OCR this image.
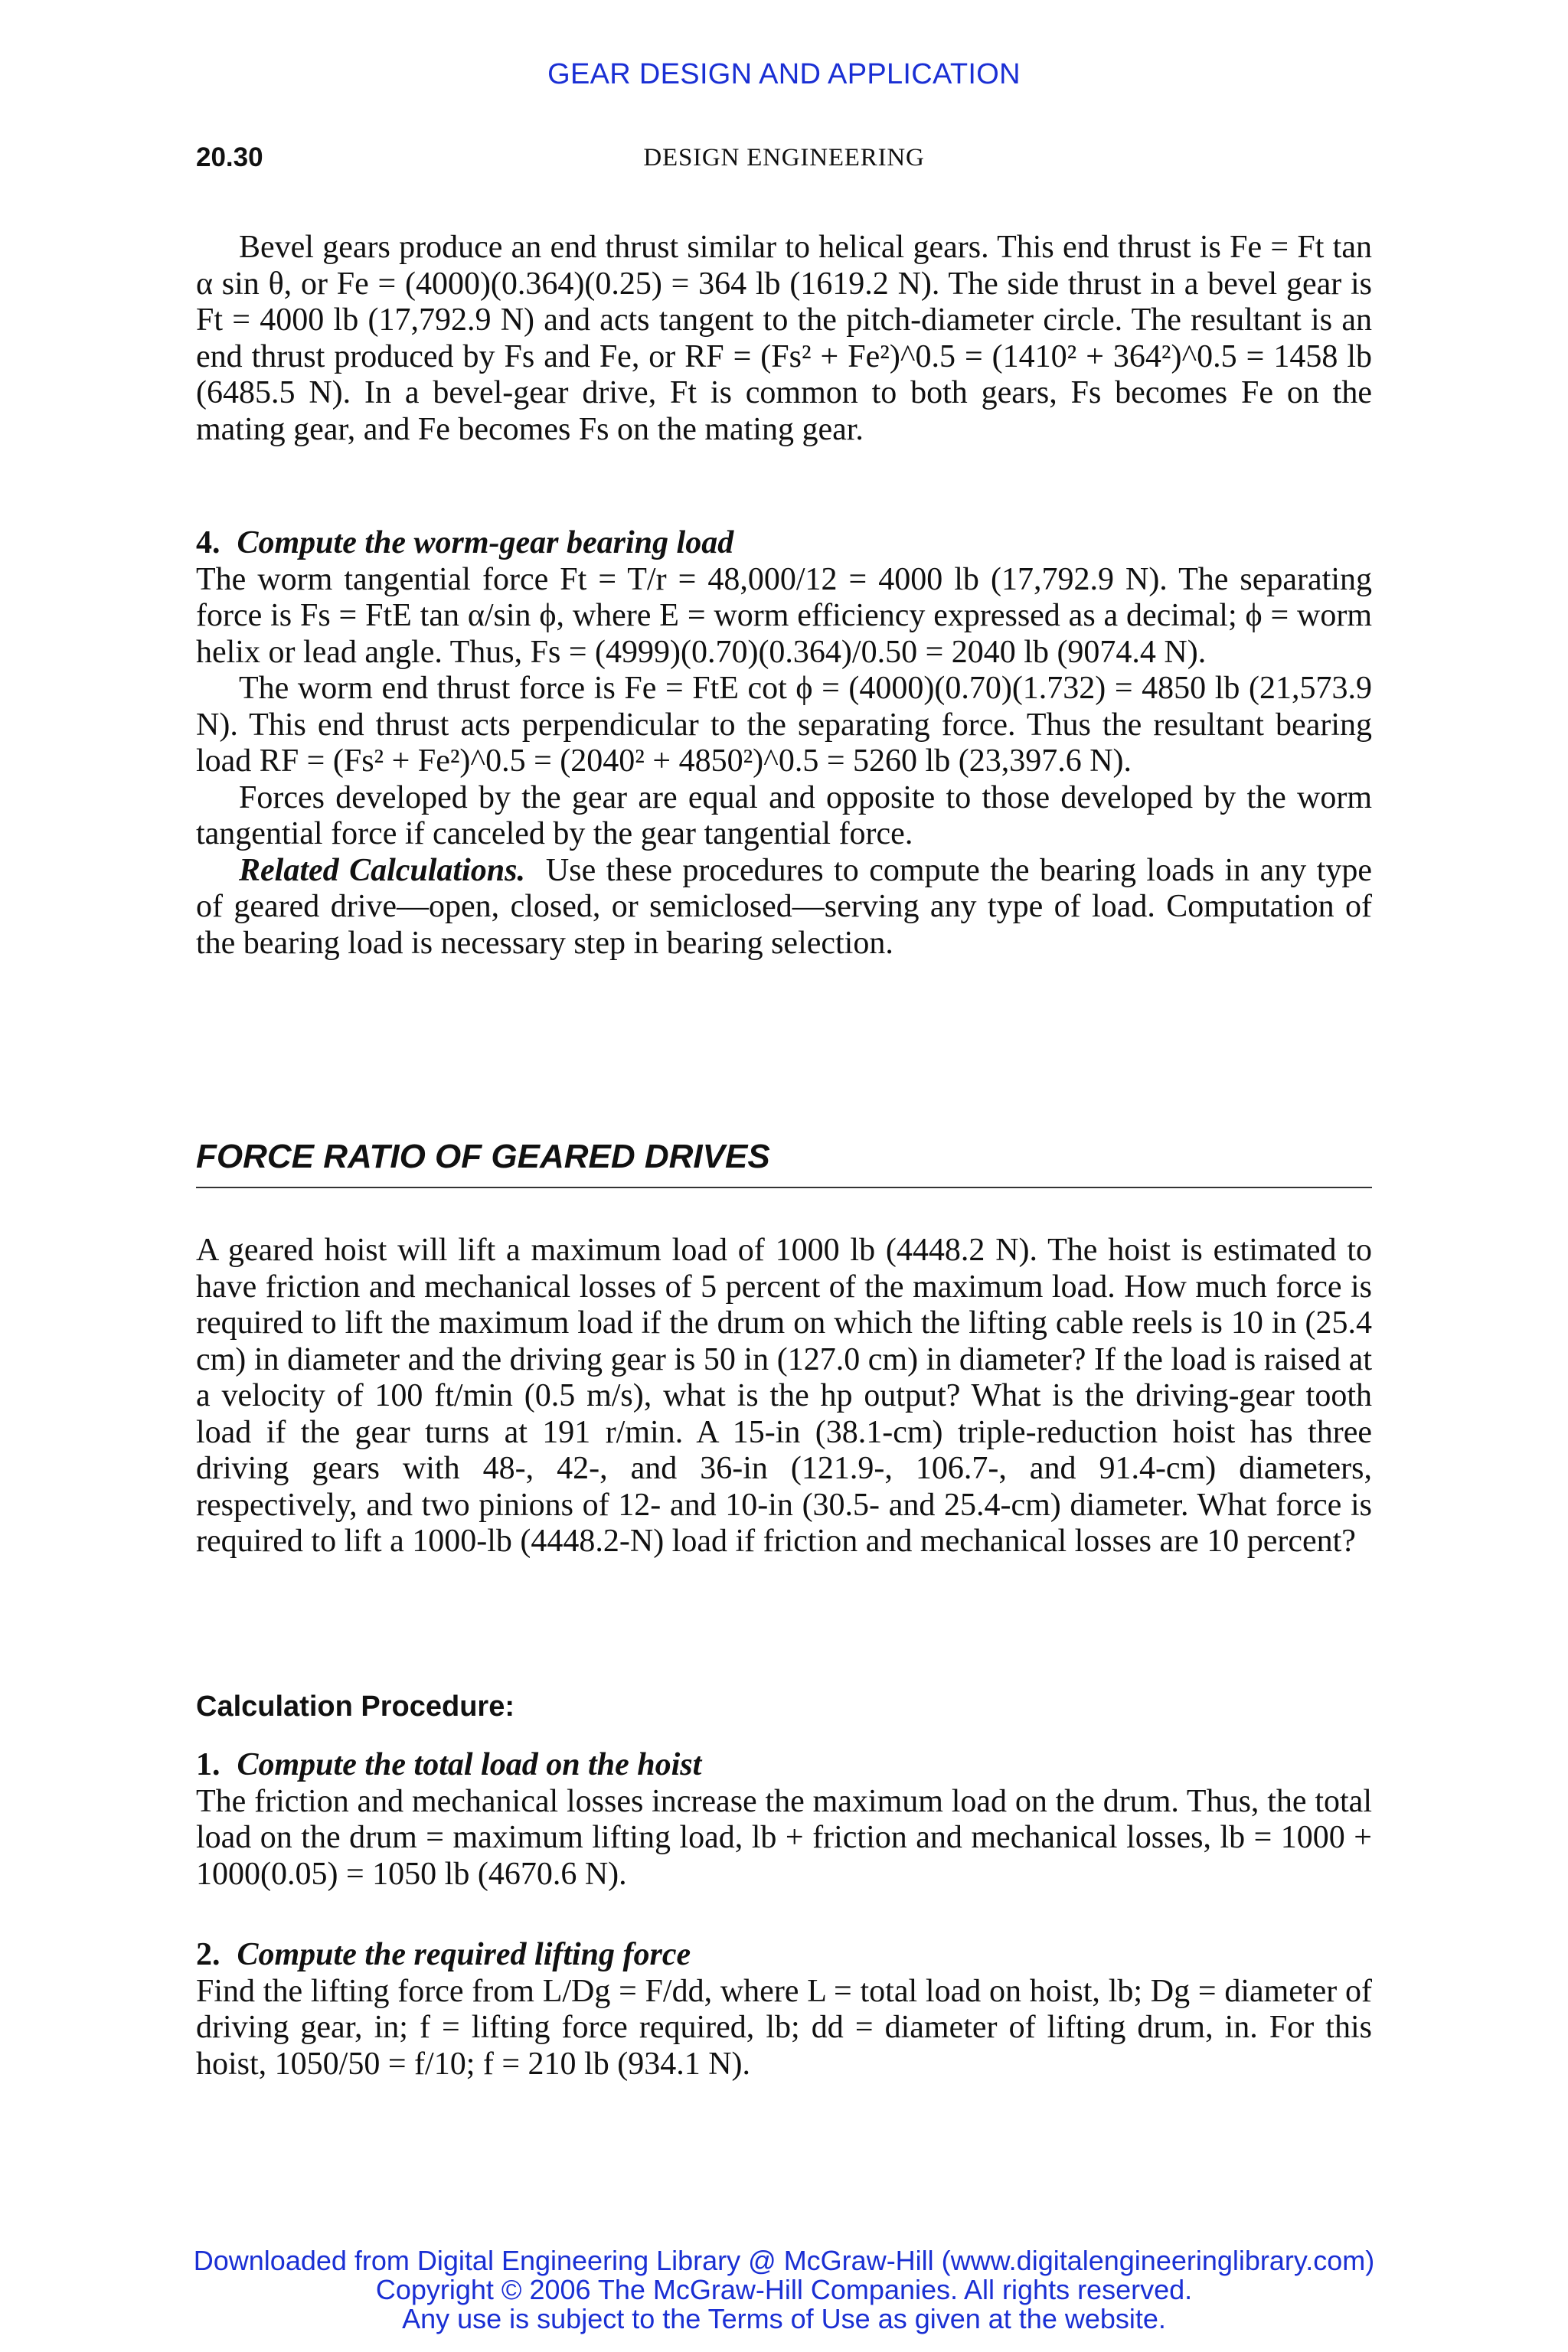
GEAR DESIGN AND APPLICATION
20.30	DESIGN ENGINEERING

Bevel gears produce an end thrust similar to helical gears. This end thrust is Fe = Ft tan α sin θ, or Fe = (4000)(0.364)(0.25) = 364 lb (1619.2 N). The side thrust in a bevel gear is Ft = 4000 lb (17,792.9 N) and acts tangent to the pitch-diameter circle. The resultant is an end thrust produced by Fs and Fe, or RF = (Fs² + Fe²)^0.5 = (1410² + 364²)^0.5 = 1458 lb (6485.5 N). In a bevel-gear drive, Ft is common to both gears, Fs becomes Fe on the mating gear, and Fe becomes Fs on the mating gear.

4. Compute the worm-gear bearing load

The worm tangential force Ft = T/r = 48,000/12 = 4000 lb (17,792.9 N). The separating force is Fs = FtE tan α/sin ϕ, where E = worm efficiency expressed as a decimal; ϕ = worm helix or lead angle. Thus, Fs = (4999)(0.70)(0.364)/0.50 = 2040 lb (9074.4 N).

The worm end thrust force is Fe = FtE cot ϕ = (4000)(0.70)(1.732) = 4850 lb (21,573.9 N). This end thrust acts perpendicular to the separating force. Thus the resultant bearing load RF = (Fs² + Fe²)^0.5 = (2040² + 4850²)^0.5 = 5260 lb (23,397.6 N).

Forces developed by the gear are equal and opposite to those developed by the worm tangential force if canceled by the gear tangential force.

Related Calculations. Use these procedures to compute the bearing loads in any type of geared drive—open, closed, or semiclosed—serving any type of load. Computation of the bearing load is necessary step in bearing selection.

FORCE RATIO OF GEARED DRIVES

A geared hoist will lift a maximum load of 1000 lb (4448.2 N). The hoist is estimated to have friction and mechanical losses of 5 percent of the maximum load. How much force is required to lift the maximum load if the drum on which the lifting cable reels is 10 in (25.4 cm) in diameter and the driving gear is 50 in (127.0 cm) in diameter? If the load is raised at a velocity of 100 ft/min (0.5 m/s), what is the hp output? What is the driving-gear tooth load if the gear turns at 191 r/min. A 15-in (38.1-cm) triple-reduction hoist has three driving gears with 48-, 42-, and 36-in (121.9-, 106.7-, and 91.4-cm) diameters, respectively, and two pinions of 12- and 10-in (30.5- and 25.4-cm) diameter. What force is required to lift a 1000-lb (4448.2-N) load if friction and mechanical losses are 10 percent?

Calculation Procedure:

1. Compute the total load on the hoist

The friction and mechanical losses increase the maximum load on the drum. Thus, the total load on the drum = maximum lifting load, lb + friction and mechanical losses, lb = 1000 + 1000(0.05) = 1050 lb (4670.6 N).

2. Compute the required lifting force

Find the lifting force from L/Dg = F/dd, where L = total load on hoist, lb; Dg = diameter of driving gear, in; f = lifting force required, lb; dd = diameter of lifting drum, in. For this hoist, 1050/50 = f/10; f = 210 lb (934.1 N).

Downloaded from Digital Engineering Library @ McGraw-Hill (www.digitalengineeringlibrary.com)
Copyright © 2006 The McGraw-Hill Companies. All rights reserved.
Any use is subject to the Terms of Use as given at the website.
